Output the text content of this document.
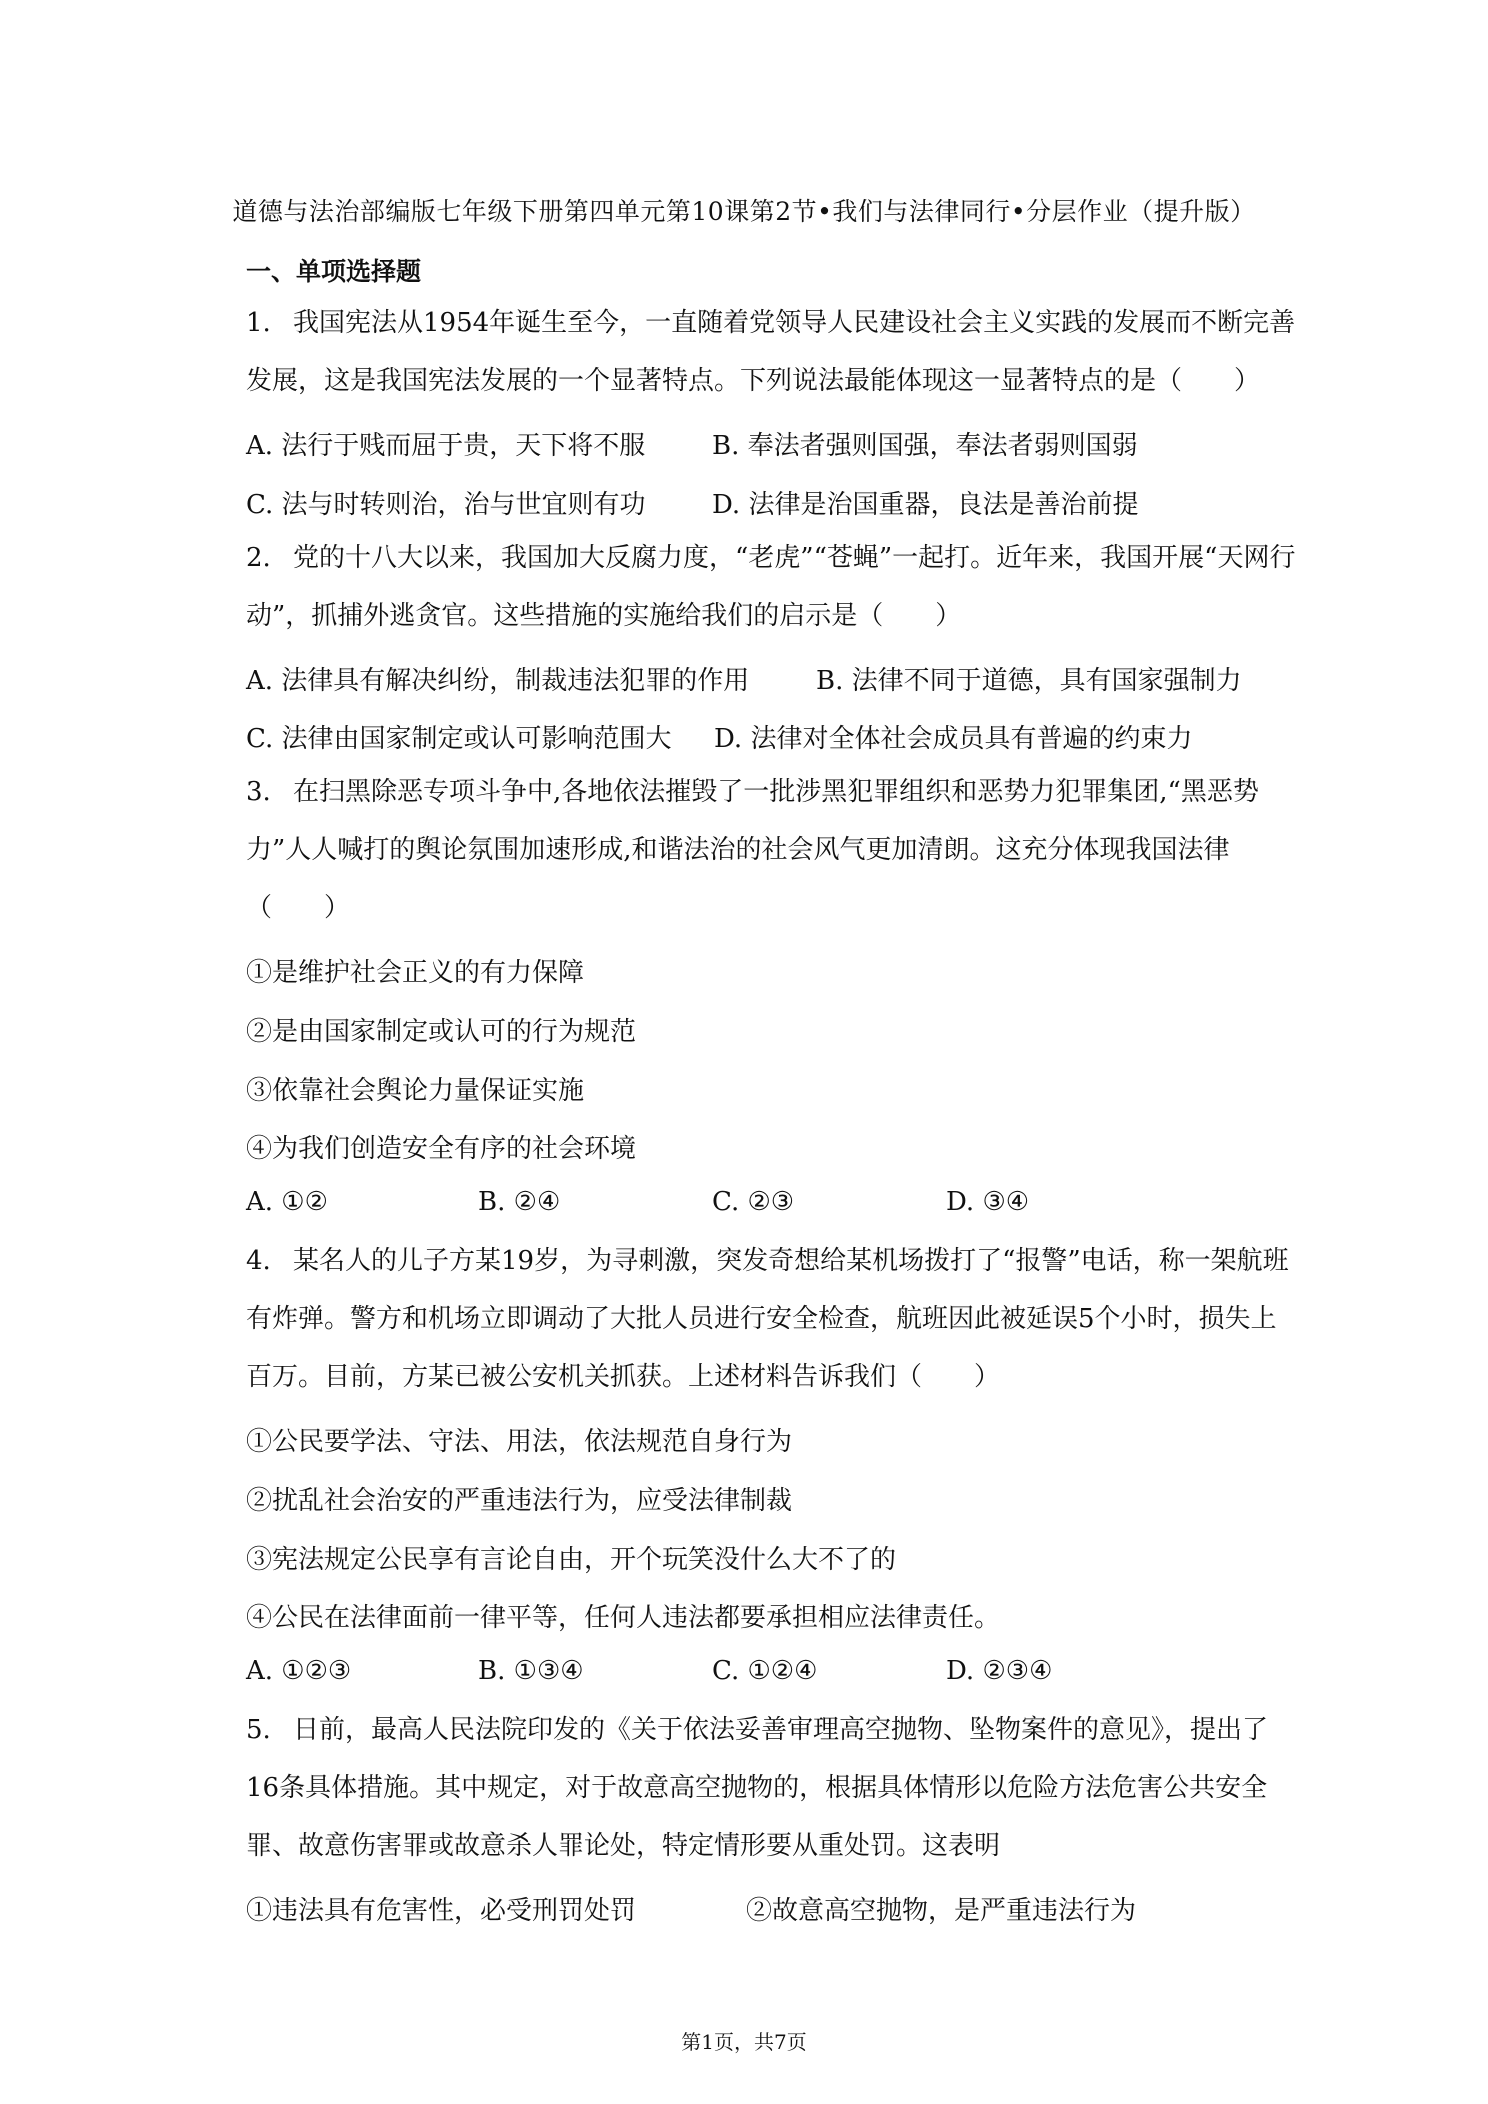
道德与法治部编版七年级下册第四单元第10课第2节•我们与法律同行•分层作业（提升版）
一、单项选择题
1. 我国宪法从1954年诞生至今，一直随着党领导人民建设社会主义实践的发展而不断完善发展，这是我国宪法发展的一个显著特点。下列说法最能体现这一显著特点的是（　　）
A. 法行于贱而屈于贵，天下将不服	B. 奉法者强则国强，奉法者弱则国弱
C. 法与时转则治，治与世宜则有功	D. 法律是治国重器，良法是善治前提
2. 党的十八大以来，我国加大反腐力度，“老虎”“苍蝇”一起打。近年来，我国开展“天网行动”，抓捕外逃贪官。这些措施的实施给我们的启示是（　　）
A. 法律具有解决纠纷，制裁违法犯罪的作用	B. 法律不同于道德，具有国家强制力
C. 法律由国家制定或认可影响范围大 D. 法律对全体社会成员具有普遍的约束力
3. 在扫黑除恶专项斗争中,各地依法摧毁了一批涉黑犯罪组织和恶势力犯罪集团,“黑恶势力”人人喊打的舆论氛围加速形成,和谐法治的社会风气更加清朗。这充分体现我国法律（　　）
①是维护社会正义的有力保障
②是由国家制定或认可的行为规范
③依靠社会舆论力量保证实施
④为我们创造安全有序的社会环境
A. ①②	B. ②④	C. ②③	D. ③④
4. 某名人的儿子方某19岁，为寻刺激，突发奇想给某机场拨打了“报警”电话，称一架航班有炸弹。警方和机场立即调动了大批人员进行安全检查，航班因此被延误5个小时，损失上百万。目前，方某已被公安机关抓获。上述材料告诉我们（　　）
①公民要学法、守法、用法，依法规范自身行为
②扰乱社会治安的严重违法行为，应受法律制裁
③宪法规定公民享有言论自由，开个玩笑没什么大不了的
④公民在法律面前一律平等，任何人违法都要承担相应法律责任。
A. ①②③	B. ①③④	C. ①②④	D. ②③④
5. 日前，最高人民法院印发的《关于依法妥善审理高空抛物、坠物案件的意见》，提出了16条具体措施。其中规定，对于故意高空抛物的，根据具体情形以危险方法危害公共安全罪、故意伤害罪或故意杀人罪论处，特定情形要从重处罚。这表明
①违法具有危害性，必受刑罚处罚	②故意高空抛物，是严重违法行为
第1页，共7页
